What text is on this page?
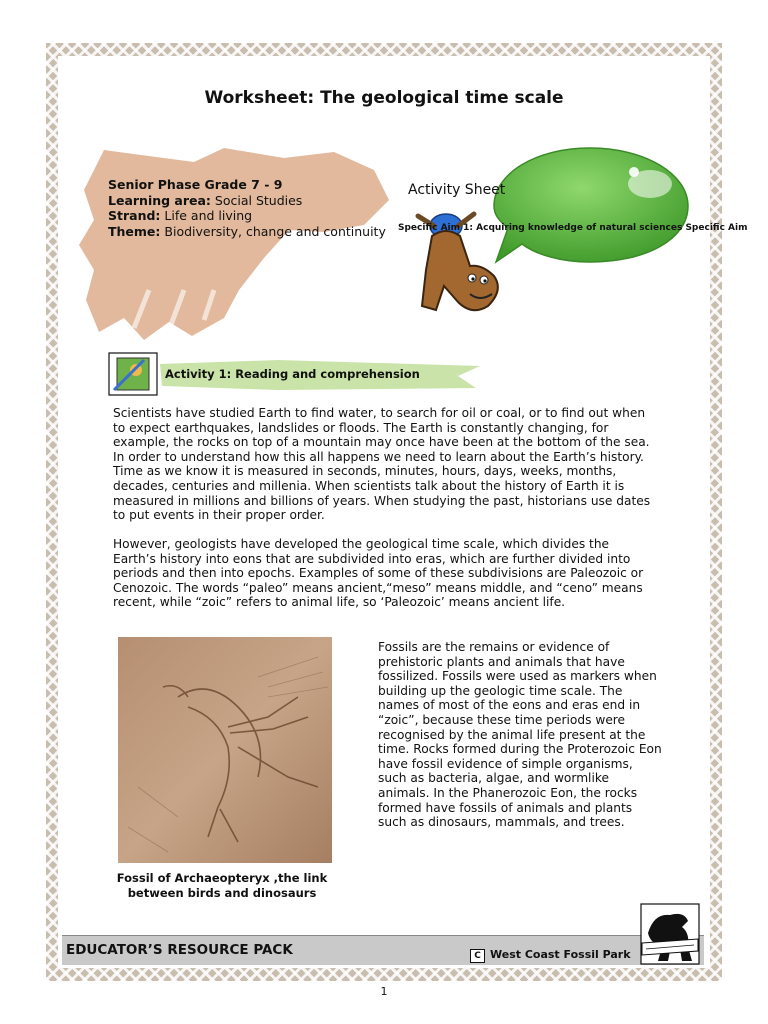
Worksheet: The geological time scale
Senior Phase Grade 7 - 9
Learning area: Social Studies
Strand: Life and living
Theme: Biodiversity, change and continuity
Activity Sheet
Specific Aim 1: Acquiring knowledge of natural sciences Specific Aim
Activity 1: Reading and comprehension
Scientists have studied Earth to find water, to search for oil or coal, or to find out when to expect earthquakes, landslides or floods. The Earth is constantly changing, for example, the rocks on top of a mountain may once have been at the bottom of the sea. In order to understand how this all happens we need to learn about the Earth’s history. Time as we know it is measured in seconds, minutes, hours, days, weeks, months, decades, centuries and millenia. When scientists talk about the history of Earth it is measured in millions and billions of years. When studying the past, historians use dates to put events in their proper order.
However, geologists have developed the geological time scale, which divides the Earth’s history into eons that are subdivided into eras, which are further divided into periods and then into epochs. Examples of some of these subdivisions are Paleozoic or Cenozoic. The words “paleo” means ancient,“meso” means middle, and “ceno” means recent, while “zoic” refers to animal life, so ‘Paleozoic’ means ancient life.
Fossil of Archaeopteryx ,the link between birds and dinosaurs
Fossils are the remains or evidence of prehistoric plants and animals that have fossilized. Fossils were used as markers when building up the geologic time scale. The names of most of the eons and eras end in “zoic”, because these time periods were recognised by the animal life present at the time. Rocks formed during the Proterozoic Eon have fossil evidence of simple organisms, such as bacteria, algae, and wormlike animals. In the Phanerozoic Eon, the rocks formed have fossils of animals and plants such as dinosaurs, mammals, and trees.
EDUCATOR’S RESOURCE PACK	C West Coast Fossil Park
1
